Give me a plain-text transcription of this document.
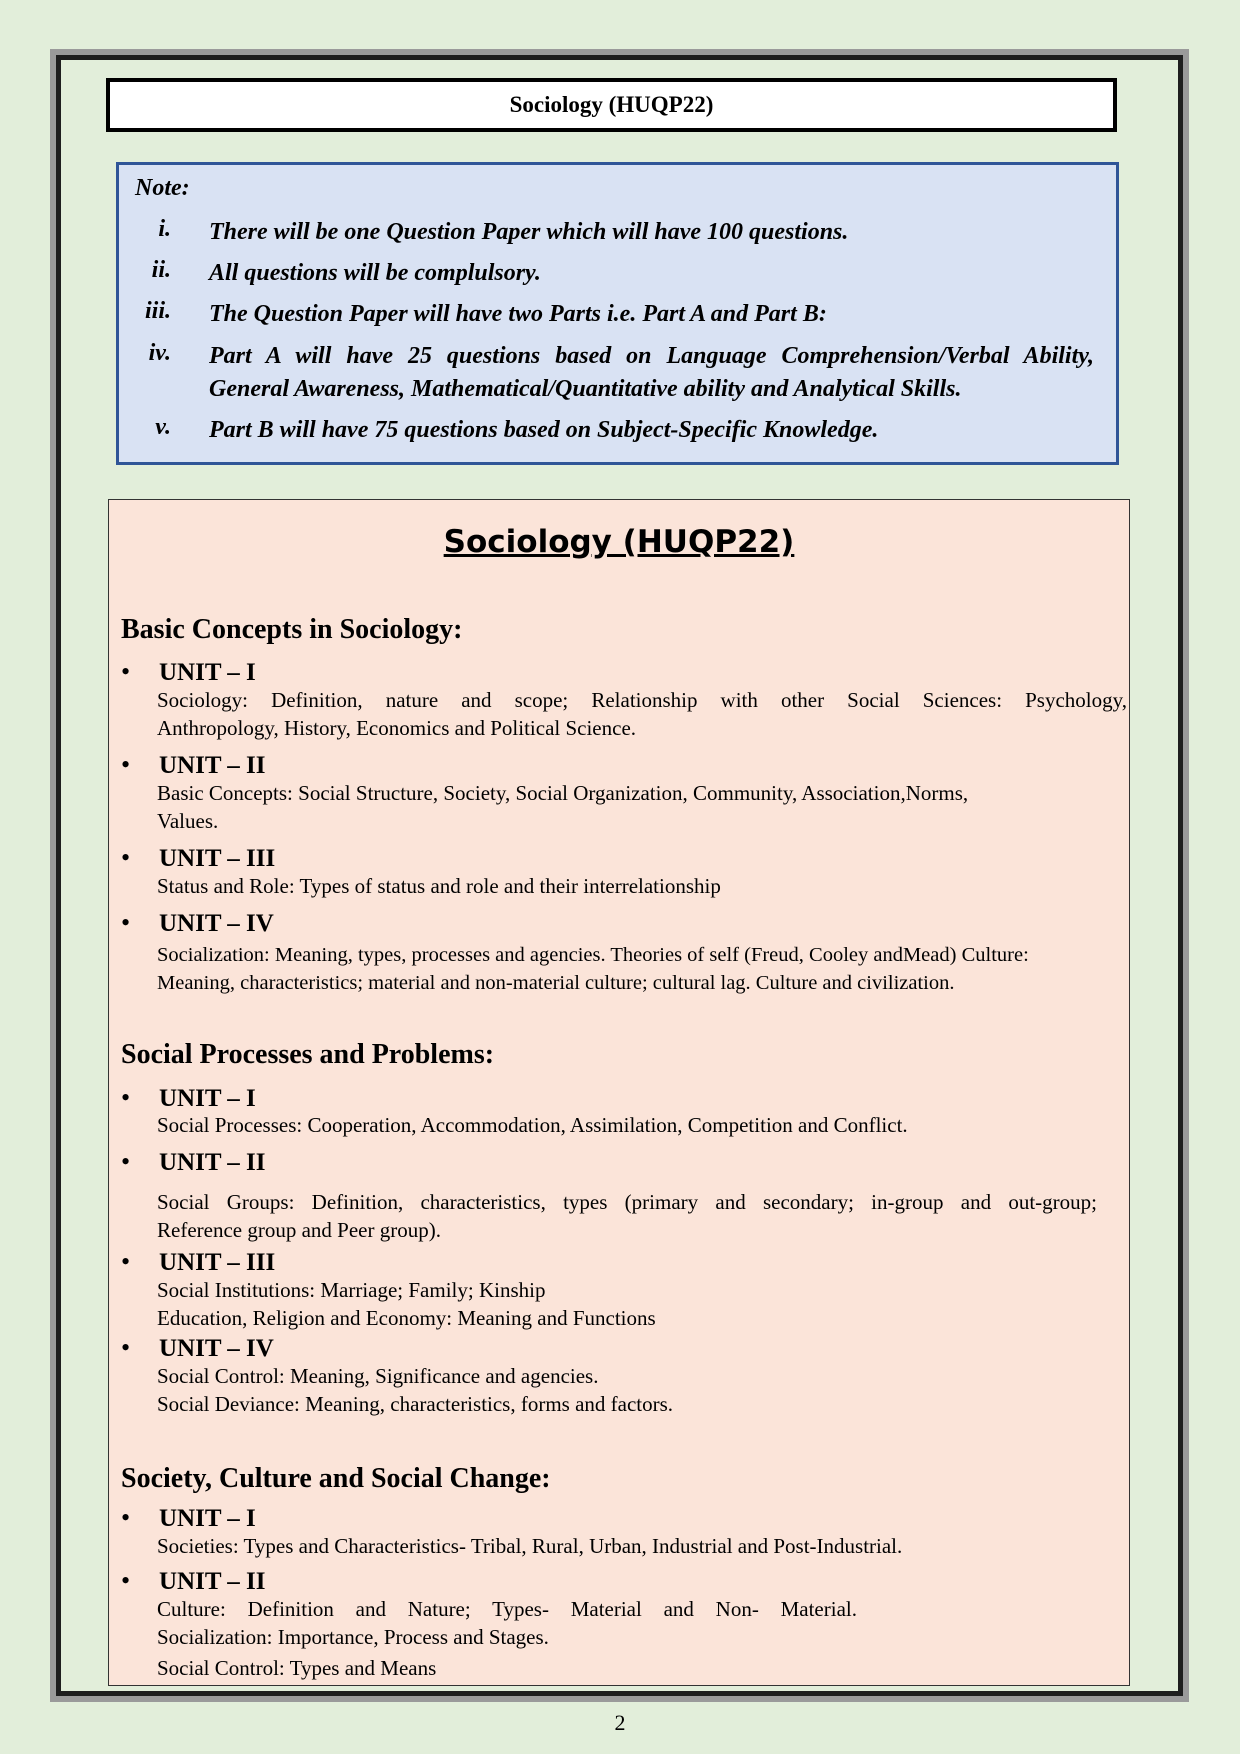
Sociology (HUQP22)
Note:
i. There will be one Question Paper which will have 100 questions.
ii. All questions will be complulsory.
iii. The Question Paper will have two Parts i.e. Part A and Part B:
iv. Part A will have 25 questions based on Language Comprehension/Verbal Ability,
General Awareness, Mathematical/Quantitative ability and Analytical Skills.
v. Part B will have 75 questions based on Subject-Specific Knowledge.
Sociology (HUQP22)
Basic Concepts in Sociology:
• UNIT – I
Sociology: Definition, nature and scope; Relationship with other Social Sciences: Psychology,
Anthropology, History, Economics and Political Science.
• UNIT – II
Basic Concepts: Social Structure, Society, Social Organization, Community, Association,Norms,
Values.
• UNIT – III
Status and Role: Types of status and role and their interrelationship
• UNIT – IV
Socialization: Meaning, types, processes and agencies. Theories of self (Freud, Cooley andMead) Culture:
Meaning, characteristics; material and non-material culture; cultural lag. Culture and civilization.
Social Processes and Problems:
• UNIT – I
Social Processes: Cooperation, Accommodation, Assimilation, Competition and Conflict.
• UNIT – II
Social Groups: Definition, characteristics, types (primary and secondary; in-group and out-group;
Reference group and Peer group).
• UNIT – III
Social Institutions: Marriage; Family; Kinship
Education, Religion and Economy: Meaning and Functions
• UNIT – IV
Social Control: Meaning, Significance and agencies.
Social Deviance: Meaning, characteristics, forms and factors.
Society, Culture and Social Change:
• UNIT – I
Societies: Types and Characteristics- Tribal, Rural, Urban, Industrial and Post-Industrial.
• UNIT – II
Culture: Definition and Nature; Types- Material and Non- Material.
Socialization: Importance, Process and Stages.
Social Control: Types and Means
2
